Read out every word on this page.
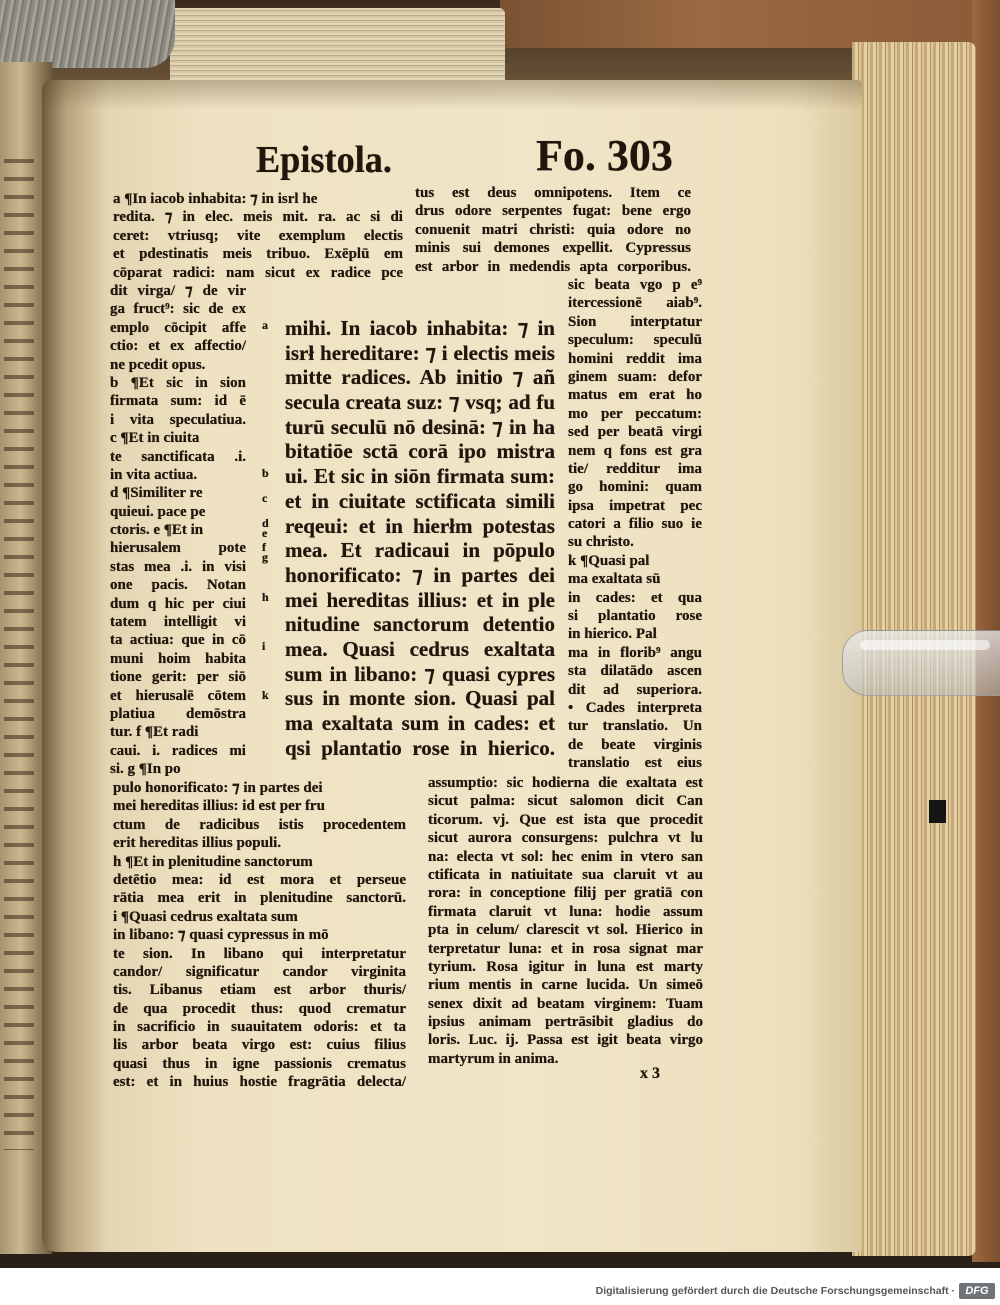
Epistola.	Fo. 303
a ¶In iacob inhabita: ⁊ in isrl he
redita. ⁊ in elec. meis mit. ra. ac si di
ceret: vtriusq; vite exemplum electis
et pdestinatis meis tribuo. Exēplū em
cōparat radici: nam sicut ex radice pce
dit virga/ ⁊ de vir
ga fruct⁹: sic de ex
emplo cōcipit affe
ctio: et ex affectio/
ne pcedit opus.
b ¶Et sic in sion
firmata sum: id ē
i vita speculatiua.
c ¶Et in ciuita
te sanctificata .i.
in vita actiua.
d ¶Similiter re
quieui. pace pe
ctoris. e ¶Et in
hierusalem pote
stas mea .i. in visi
one pacis. Notan
dum q hic per ciui
tatem intelligit vi
ta actiua: que in cō
muni hoim habita
tione gerit: per siō
et hierusalē cōtem
platiua demōstra
tur. f ¶Et radi
caui. i. radices mi
si. g ¶In po
pulo honorificato: ⁊ in partes dei
mei hereditas illius: id est per fru
ctum de radicibus istis procedentem
erit hereditas illius populi.
h ¶Et in plenitudine sanctorum
detētio mea: id est mora et perseue
rātia mea erit in plenitudine sanctorū.
i ¶Quasi cedrus exaltata sum
in libano: ⁊ quasi cypressus in mō
te sion. In libano qui interpretatur
candor/ significatur candor virginita
tis. Libanus etiam est arbor thuris/
de qua procedit thus: quod crematur
in sacrificio in suauitatem odoris: et ta
lis arbor beata virgo est: cuius filius
quasi thus in igne passionis crematus
est: et in huius hostie fragrātia delecta/
tus est deus omnipotens. Item ce
drus odore serpentes fugat: bene ergo
conuenit matri christi: quia odore no
minis sui demones expellit. Cypressus
est arbor in medendis apta corporibus.
sic beata vgo p e⁹
itercessionē aiab⁹.
Sion interptatur
speculum: speculū
homini reddit ima
ginem suam: defor
matus em erat ho
mo per peccatum:
sed per beatā virgi
nem q fons est gra
tie/ redditur ima
go homini: quam
ipsa impetrat pec
catori a filio suo ie
su christo.
k ¶Quasi pal
ma exaltata sū
in cades: et qua
si plantatio rose
in hierico. Pal
ma in florib⁹ angu
sta dilatādo ascen
dit ad superiora.
• Cades interpreta
tur translatio. Un
de beate virginis
translatio est eius
assumptio: sic hodierna die exaltata est
sicut palma: sicut salomon dicit Can
ticorum. vj. Que est ista que procedit
sicut aurora consurgens: pulchra vt lu
na: electa vt sol: hec enim in vtero san
ctificata in natiuitate sua claruit vt au
rora: in conceptione filij per gratiā con
firmata claruit vt luna: hodie assum
pta in celum/ clarescit vt sol. Hierico in
terpretatur luna: et in rosa signat mar
tyrium. Rosa igitur in luna est marty
rium mentis in carne lucida. Un simeō
senex dixit ad beatam virginem: Tuam
ipsius animam pertrāsibit gladius do
loris. Luc. ij. Passa est igit beata virgo
martyrum in anima.
a mihi. In iacob inhabita: ⁊ in
isrł hereditare: ⁊ i electis meis
mitte radices. Ab initio ⁊ añ
secula creata suz: ⁊ vsq; ad fu
turū seculū nō desinā: ⁊ in ha
bitatiōe sctā corā ipo mistra
b ui. Et sic in siōn firmata sum:
c et in ciuitate sctificata simili
d e reqeui: et in hierłm potestas
f g mea. Et radicaui in pōpulo
honorificato: ⁊ in partes dei
h mei hereditas illius: et in ple
nitudine sanctorum detentio
i mea. Quasi cedrus exaltata
sum in libano: ⁊ quasi cypres
k sus in monte sion. Quasi pal
ma exaltata sum in cades: et
qsi plantatio rose in hierico.
x 3
Digitalisierung gefördert durch die Deutsche Forschungsgemeinschaft · DFG
